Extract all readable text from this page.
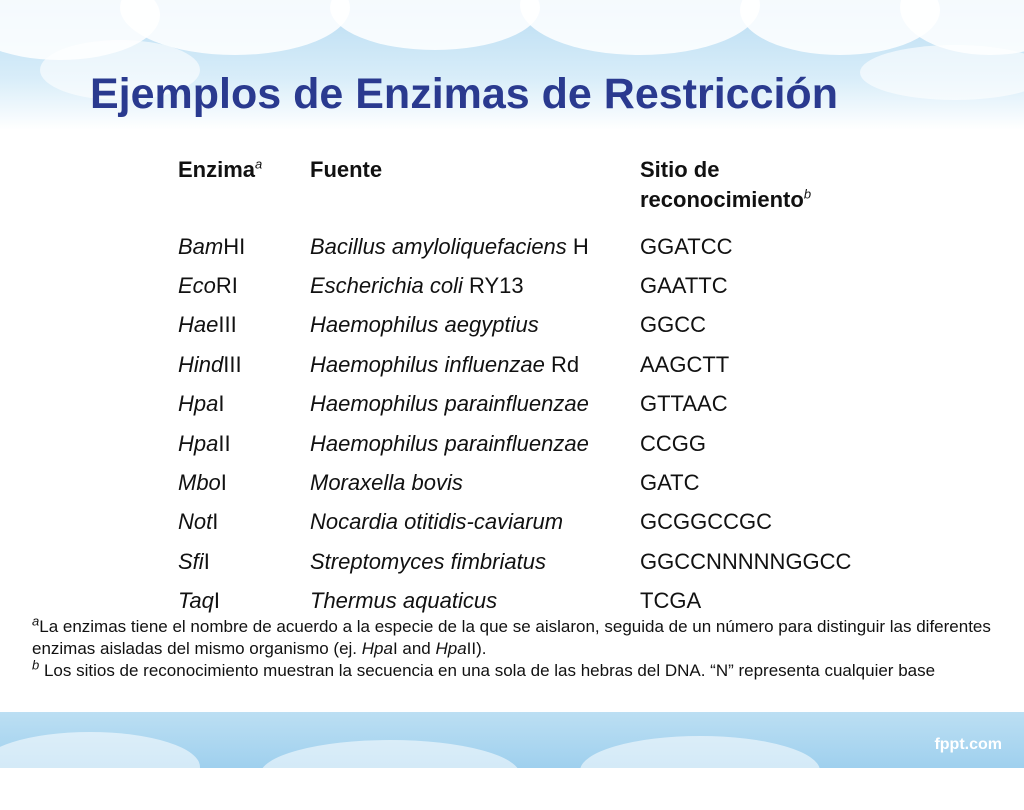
Ejemplos de Enzimas de Restricción
Enzima$^a$	Fuente	Sitio de
reconocimiento$^b$
BamHI	Bacillus amyloliquefaciens H	GGATCC
EcoRI	Escherichia coli RY13	GAATTC
HaeIII	Haemophilus aegyptius	GGCC
HindIII	Haemophilus influenzae Rd	AAGCTT
HpaI	Haemophilus parainfluenzae	GTTAAC
HpaII	Haemophilus parainfluenzae	CCGG
MboI	Moraxella bovis	GATC
NotI	Nocardia otitidis-caviarum	GCGGCCGC
SfiI	Streptomyces fimbriatus	GGCCNNNNNGGCC
TaqI	Thermus aquaticus	TCGA

$^a$La enzimas tiene el nombre de acuerdo a la especie de la que se aislaron, seguida de un número para distinguir las diferentes enzimas aisladas del mismo organismo (ej. HpaI and HpaII).

$^b$ Los sitios de reconocimiento muestran la secuencia en una sola de las hebras del DNA. “N” representa cualquier base

fppt.com
